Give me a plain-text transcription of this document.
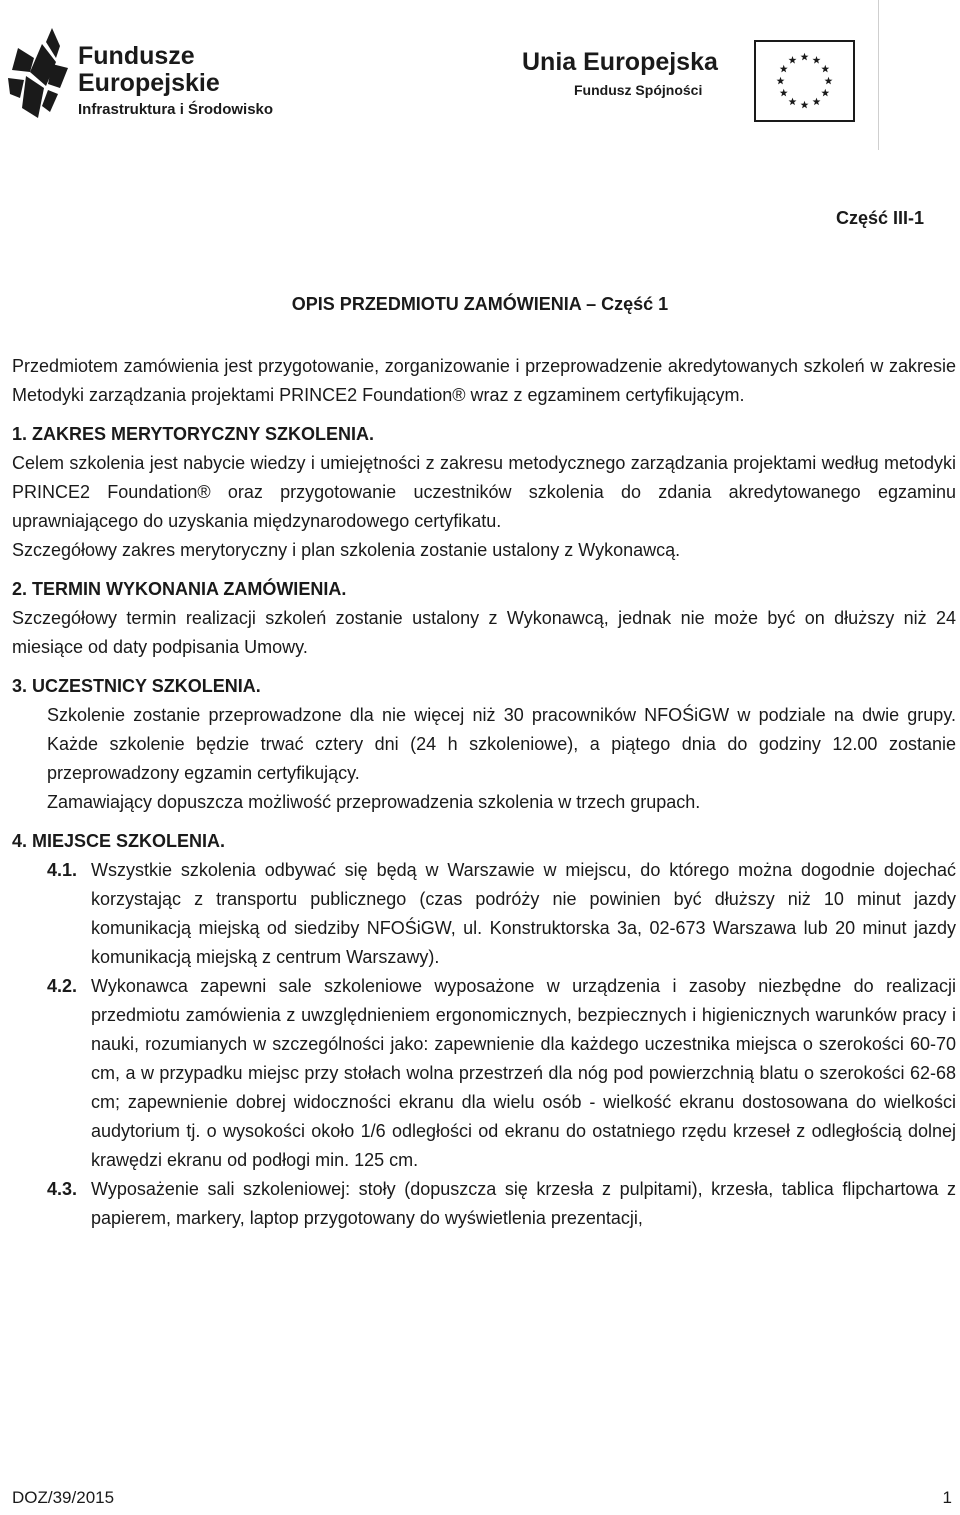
Fundusze
Europejskie
Infrastruktura i Środowisko
Unia Europejska
Fundusz Spójności
Część III-1
OPIS PRZEDMIOTU ZAMÓWIENIA – Część 1

Przedmiotem zamówienia jest przygotowanie, zorganizowanie i przeprowadzenie akredytowanych szkoleń w zakresie Metodyki zarządzania projektami PRINCE2 Foundation® wraz z egzaminem certyfikującym.

1. ZAKRES MERYTORYCZNY SZKOLENIA.

Celem szkolenia jest nabycie wiedzy i umiejętności z zakresu metodycznego zarządzania projektami według metodyki PRINCE2 Foundation® oraz przygotowanie uczestników szkolenia do zdania akredytowanego egzaminu uprawniającego do uzyskania międzynarodowego certyfikatu.

Szczegółowy zakres merytoryczny i plan szkolenia zostanie ustalony z Wykonawcą.

2. TERMIN WYKONANIA ZAMÓWIENIA.

Szczegółowy termin realizacji szkoleń zostanie ustalony z Wykonawcą, jednak nie może być on dłuższy niż 24 miesiące od daty podpisania Umowy.

3. UCZESTNICY SZKOLENIA.

Szkolenie zostanie przeprowadzone dla nie więcej niż 30 pracowników NFOŚiGW w podziale na dwie grupy. Każde szkolenie będzie trwać cztery dni (24 h szkoleniowe), a piątego dnia do godziny 12.00 zostanie przeprowadzony egzamin certyfikujący.

Zamawiający dopuszcza możliwość przeprowadzenia szkolenia w trzech grupach.

4. MIEJSCE SZKOLENIA.
4.1. Wszystkie szkolenia odbywać się będą w Warszawie w miejscu, do którego można dogodnie dojechać korzystając z transportu publicznego (czas podróży nie powinien być dłuższy niż 10 minut jazdy komunikacją miejską od siedziby NFOŚiGW, ul. Konstruktorska 3a, 02-673 Warszawa lub 20 minut jazdy komunikacją miejską z centrum Warszawy).
4.2. Wykonawca zapewni sale szkoleniowe wyposażone w urządzenia i zasoby niezbędne do realizacji przedmiotu zamówienia z uwzględnieniem ergonomicznych, bezpiecznych i higienicznych warunków pracy i nauki, rozumianych w szczególności jako: zapewnienie dla każdego uczestnika miejsca o szerokości 60-70 cm, a w przypadku miejsc przy stołach wolna przestrzeń dla nóg pod powierzchnią blatu o szerokości 62-68 cm; zapewnienie dobrej widoczności ekranu dla wielu osób - wielkość ekranu dostosowana do wielkości audytorium tj. o wysokości około 1/6 odległości od ekranu do ostatniego rzędu krzeseł z odległością dolnej krawędzi ekranu od podłogi min. 125 cm.
4.3. Wyposażenie sali szkoleniowej: stoły (dopuszcza się krzesła z pulpitami), krzesła, tablica flipchartowa z papierem, markery, laptop przygotowany do wyświetlenia prezentacji,
DOZ/39/2015	1
